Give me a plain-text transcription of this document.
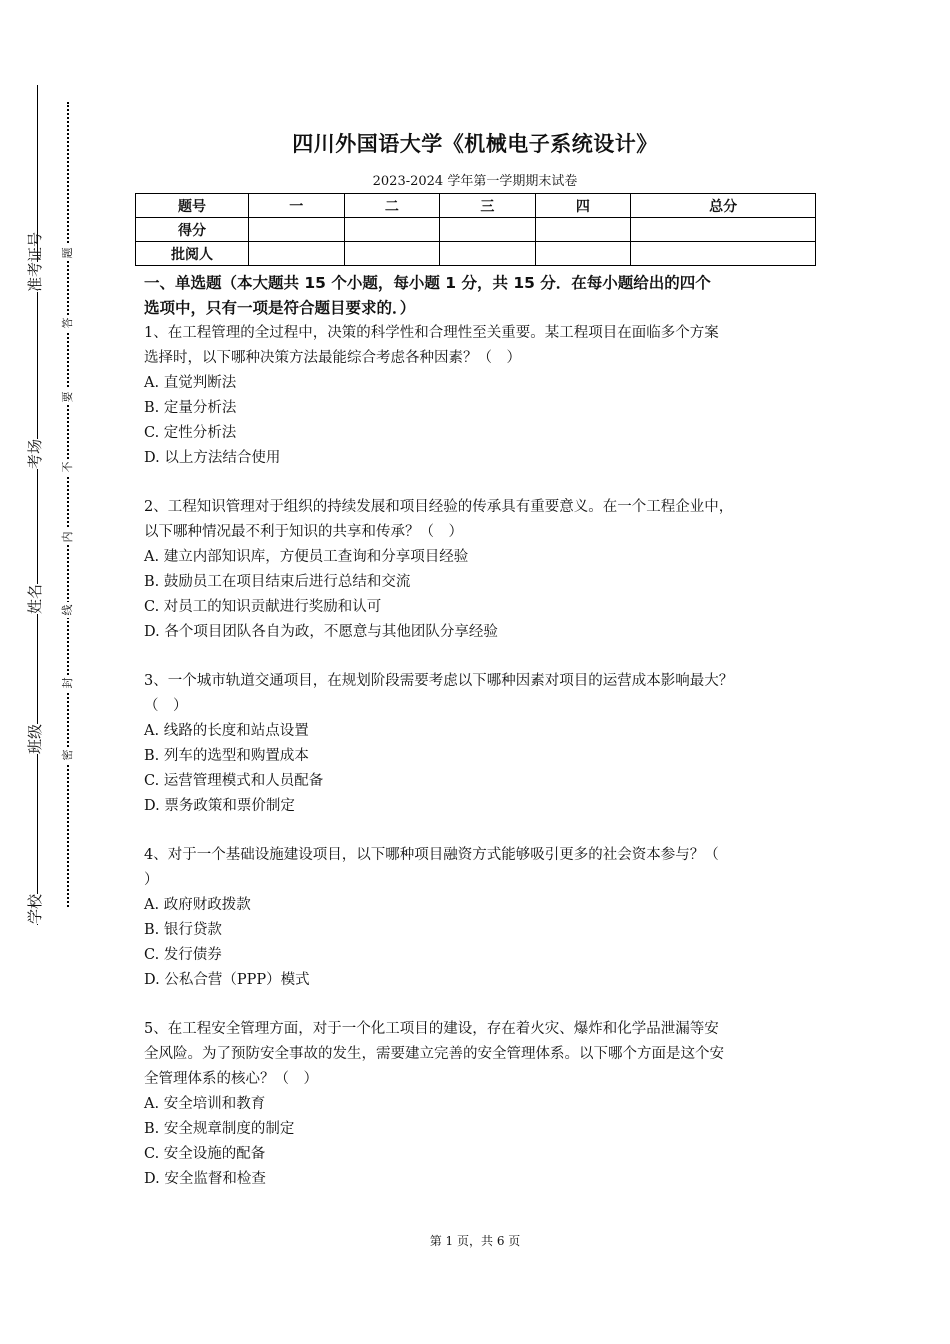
准考证号
考场
姓名
班级
学校
题
答
要
不
内
线
封
密
四川外国语大学《机械电子系统设计》
2023-2024 学年第一学期期末试卷
题号	一	二	三	四	总分
得分					
批阅人					
一、单选题（本大题共 15 个小题，每小题 1 分，共 15 分．在每小题给出的四个
选项中，只有一项是符合题目要求的．）
1、在工程管理的全过程中，决策的科学性和合理性至关重要。某工程项目在面临多个方案
选择时，以下哪种决策方法最能综合考虑各种因素？（　）
A. 直觉判断法
B. 定量分析法
C. 定性分析法
D. 以上方法结合使用
2、工程知识管理对于组织的持续发展和项目经验的传承具有重要意义。在一个工程企业中，
以下哪种情况最不利于知识的共享和传承？（　）
A. 建立内部知识库，方便员工查询和分享项目经验
B. 鼓励员工在项目结束后进行总结和交流
C. 对员工的知识贡献进行奖励和认可
D. 各个项目团队各自为政，不愿意与其他团队分享经验
3、一个城市轨道交通项目，在规划阶段需要考虑以下哪种因素对项目的运营成本影响最大？
（　）
A. 线路的长度和站点设置
B. 列车的选型和购置成本
C. 运营管理模式和人员配备
D. 票务政策和票价制定
4、对于一个基础设施建设项目，以下哪种项目融资方式能够吸引更多的社会资本参与？（
）
A. 政府财政拨款
B. 银行贷款
C. 发行债券
D. 公私合营（PPP）模式
5、在工程安全管理方面，对于一个化工项目的建设，存在着火灾、爆炸和化学品泄漏等安
全风险。为了预防安全事故的发生，需要建立完善的安全管理体系。以下哪个方面是这个安
全管理体系的核心？（　）
A. 安全培训和教育
B. 安全规章制度的制定
C. 安全设施的配备
D. 安全监督和检查
第 1 页，共 6 页
